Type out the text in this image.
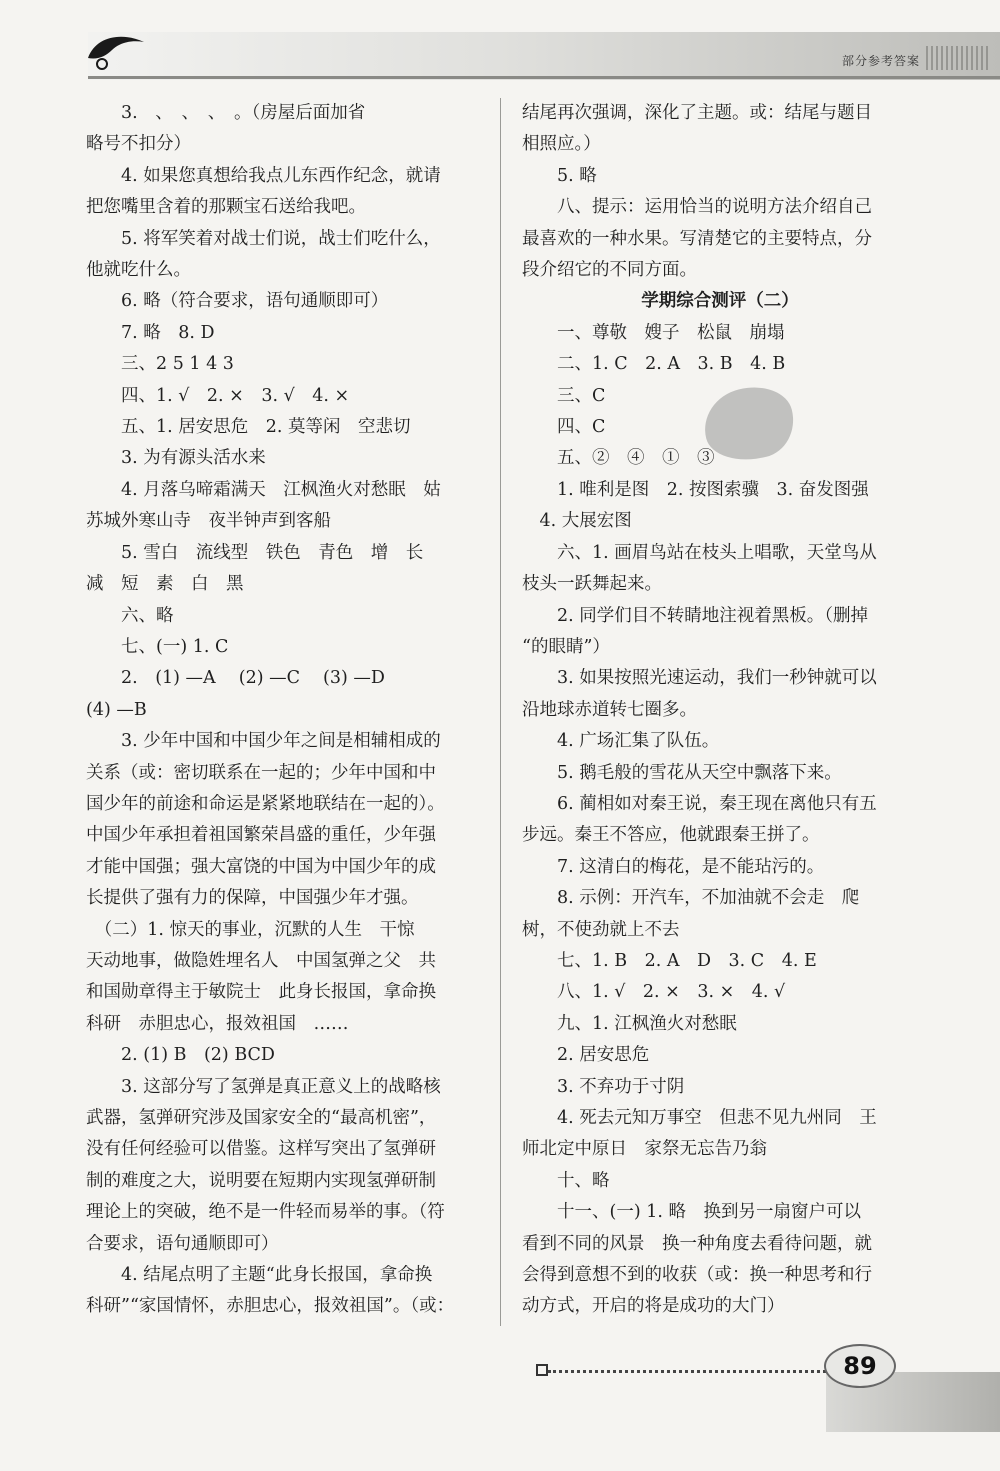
部分参考答案
　　3.　、　、　、　。（房屋后面加省
略号不扣分）
　　4. 如果您真想给我点儿东西作纪念，就请
把您嘴里含着的那颗宝石送给我吧。
　　5. 将军笑着对战士们说，战士们吃什么，
他就吃什么。
　　6. 略（符合要求，语句通顺即可）
　　7. 略　8. D
　　三、2 5 1 4 3
　　四、1. √　2. ×　3. √　4. ×
　　五、1. 居安思危　2. 莫等闲　空悲切
　　3. 为有源头活水来
　　4. 月落乌啼霜满天　江枫渔火对愁眠　姑
苏城外寒山寺　夜半钟声到客船
　　5. 雪白　流线型　铁色　青色　增　长
减　短　素　白　黑
　　六、略
　　七、(一) 1. C
　　2.　(1) —A　 (2) —C　 (3) —D
(4) —B
　　3. 少年中国和中国少年之间是相辅相成的
关系（或：密切联系在一起的；少年中国和中
国少年的前途和命运是紧紧地联结在一起的）。
中国少年承担着祖国繁荣昌盛的重任，少年强
才能中国强；强大富饶的中国为中国少年的成
长提供了强有力的保障，中国强少年才强。
　（二）1. 惊天的事业，沉默的人生　干惊
天动地事，做隐姓埋名人　中国氢弹之父　共
和国勋章得主于敏院士　此身长报国，拿命换
科研　赤胆忠心，报效祖国　……
　　2. (1) B　(2) BCD
　　3. 这部分写了氢弹是真正意义上的战略核
武器，氢弹研究涉及国家安全的“最高机密”，
没有任何经验可以借鉴。这样写突出了氢弹研
制的难度之大，说明要在短期内实现氢弹研制
理论上的突破，绝不是一件轻而易举的事。（符
合要求，语句通顺即可）
　　4. 结尾点明了主题“此身长报国，拿命换
科研”“家国情怀，赤胆忠心，报效祖国”。（或：
结尾再次强调，深化了主题。或：结尾与题目
相照应。）
　　5. 略
　　八、提示：运用恰当的说明方法介绍自己
最喜欢的一种水果。写清楚它的主要特点，分
段介绍它的不同方面。
学期综合测评（二）
　　一、尊敬　嫂子　松鼠　崩塌
　　二、1. C　2. A　3. B　4. B
　　三、C
　　四、C
　　五、②　④　①　③
　　1. 唯利是图　2. 按图索骥　3. 奋发图强
　4. 大展宏图
　　六、1. 画眉鸟站在枝头上唱歌，天堂鸟从
枝头一跃舞起来。
　　2. 同学们目不转睛地注视着黑板。（删掉
“的眼睛”）
　　3. 如果按照光速运动，我们一秒钟就可以
沿地球赤道转七圈多。
　　4. 广场汇集了队伍。
　　5. 鹅毛般的雪花从天空中飘落下来。
　　6. 蔺相如对秦王说，秦王现在离他只有五
步远。秦王不答应，他就跟秦王拼了。
　　7. 这清白的梅花，是不能玷污的。
　　8. 示例：开汽车，不加油就不会走　爬
树，不使劲就上不去
　　七、1. B　2. A　D　3. C　4. E
　　八、1. √　2. ×　3. ×　4. √
　　九、1. 江枫渔火对愁眠
　　2. 居安思危
　　3. 不弃功于寸阴
　　4. 死去元知万事空　但悲不见九州同　王
师北定中原日　家祭无忘告乃翁
　　十、略
　　十一、(一) 1. 略　换到另一扇窗户可以
看到不同的风景　换一种角度去看待问题，就
会得到意想不到的收获（或：换一种思考和行
动方式，开启的将是成功的大门）
89
